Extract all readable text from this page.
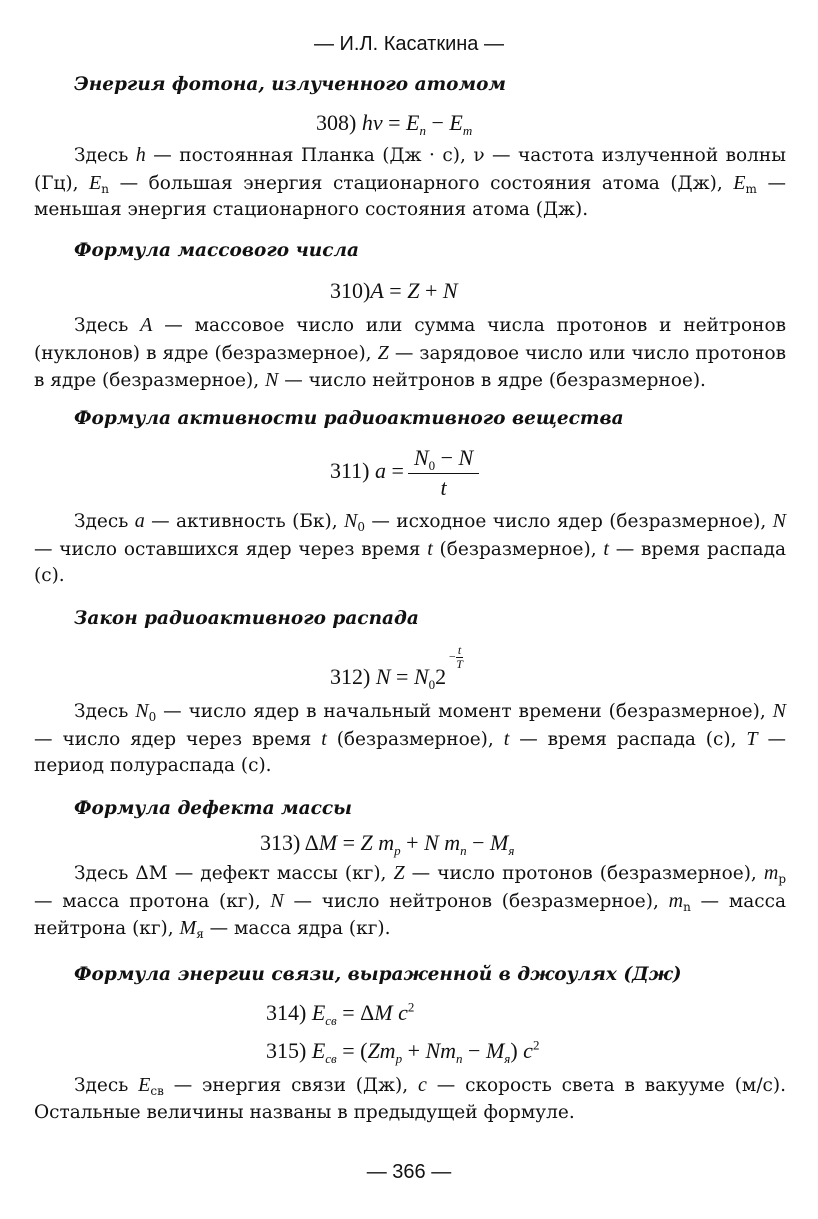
— И.Л. Касаткина —
Энергия фотона, излученного атомом
308) $h\nu = E_n - E_m$

Здесь h — постоянная Планка (Дж · с), ν — частота излученной волны (Гц), $E_n$ — большая энергия стационарного состояния атома (Дж), $E_m$ — меньшая энергия стационарного состояния атома (Дж).

Формула массового числа
310)A = Z + N

Здесь A — массовое число или сумма числа протонов и нейтронов (нуклонов) в ядре (безразмерное), Z — зарядовое число или число протонов в ядре (безразмерное), N — число нейтронов в ядре (безразмерное).

Формула активности радиоактивного вещества
311) $a = \frac{N_0 - N}{t}$

Здесь a — активность (Бк), $N_0$ — исходное число ядер (безразмерное), N — число оставшихся ядер через время t (безразмерное), t — время распада (с).

Закон радиоактивного распада
312) $N = N_02$
− $\frac{t}{T}$

Здесь $N_0$ — число ядер в начальный момент времени (безразмерное), N — число ядер через время t (безразмерное), t — время распада (с), T — период полураспада (с).

Формула дефекта массы
313) ΔM = Z $m_p + N$ $m_n - M_я$

Здесь ΔM — дефект массы (кг), Z — число протонов (безразмерное), $m_p$ — масса протона (кг), N — число нейтронов (безразмерное), $m_n$ — масса нейтрона (кг), $M_я$ — масса ядра (кг).

Формула энергии связи, выраженной в джоулях (Дж)
314) $E_{св} = \Delta M$ $c^2$
315) $E_{св} = (Zm_p + Nm_n - M_я)$ $c^2$

Здесь $E_{св}$ — энергия связи (Дж), c — скорость света в вакууме (м/с). Остальные величины названы в предыдущей формуле.

— 366 —
